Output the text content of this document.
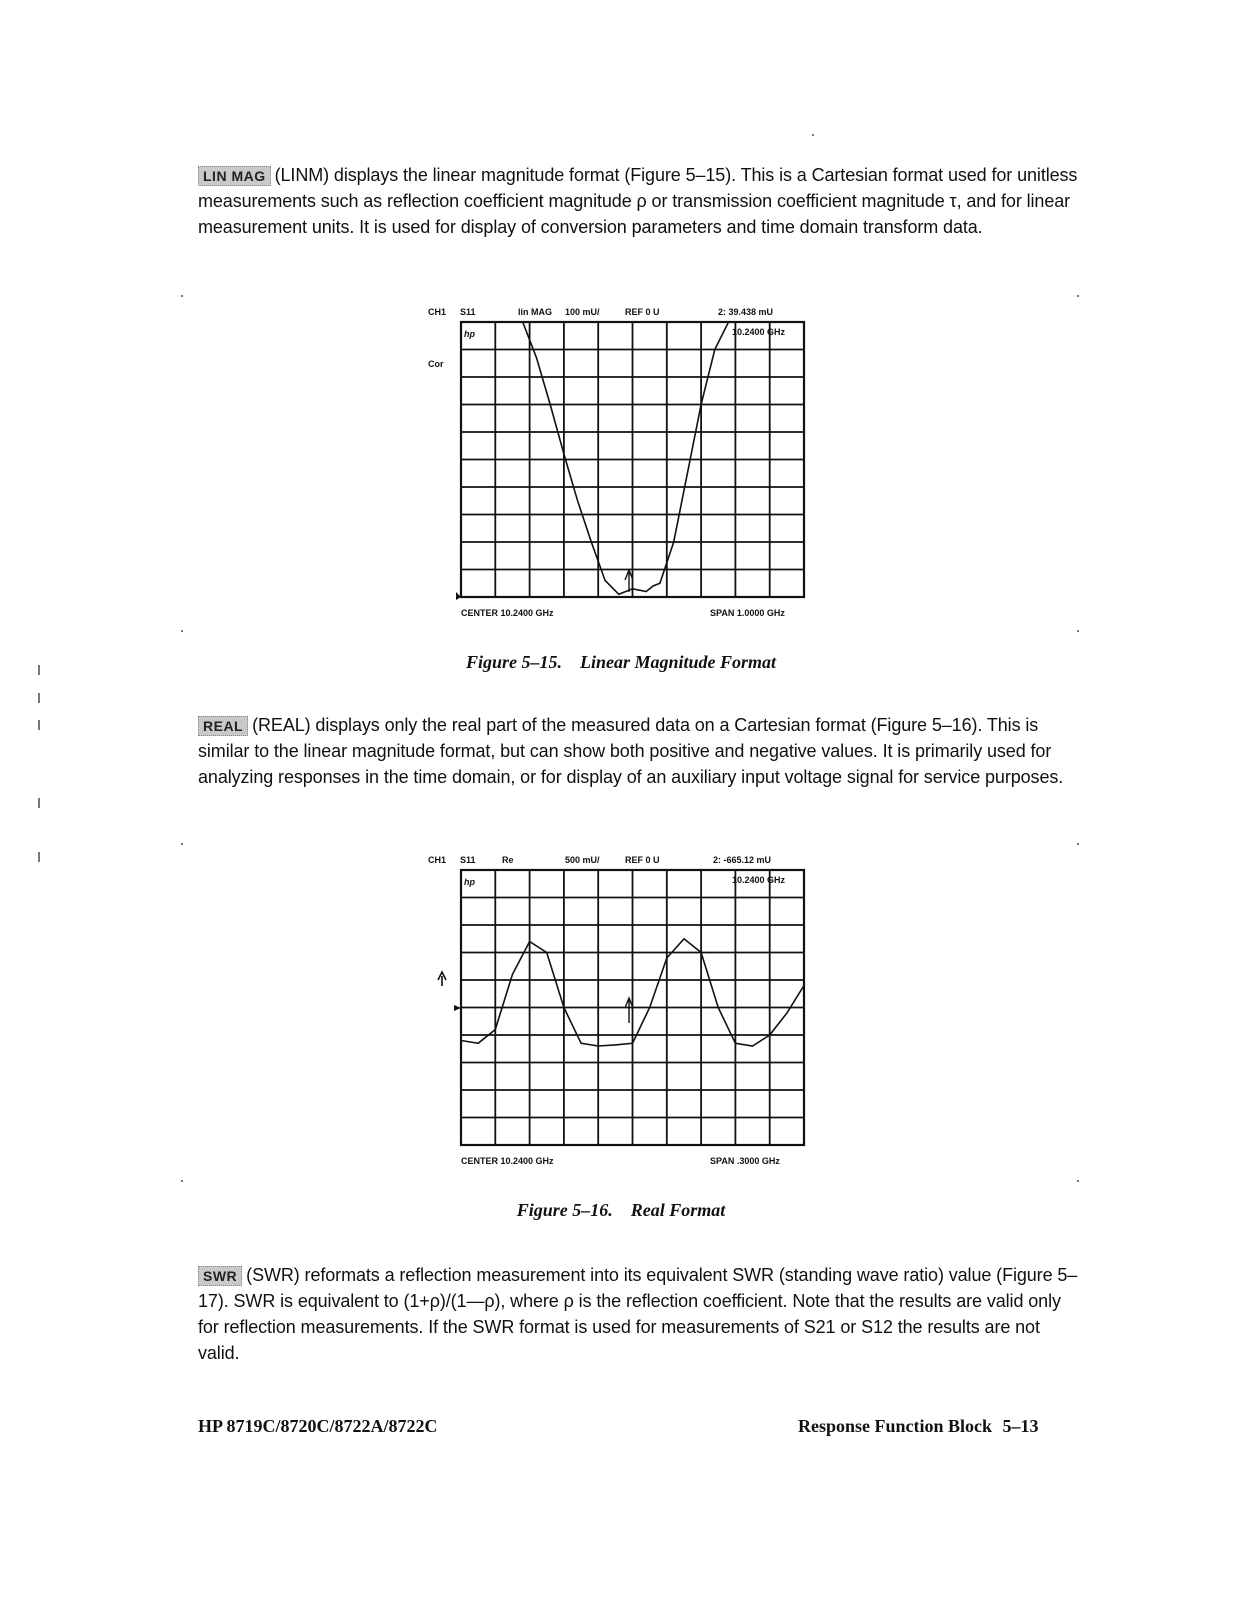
LIN MAG (LINM) displays the linear magnitude format (Figure 5–15). This is a Cartesian format used for unitless measurements such as reflection coefficient magnitude ρ or transmission coefficient magnitude τ, and for linear measurement units. It is used for display of conversion parameters and time domain transform data.
CH1 S11	lin MAG 100 mU/	REF 0 U	2: 39.438 mU
10.2400 GHz
Cor
hp
CENTER 10.2400 GHz	SPAN 1.0000 GHz
Figure 5–15. Linear Magnitude Format
REAL (REAL) displays only the real part of the measured data on a Cartesian format (Figure 5–16). This is similar to the linear magnitude format, but can show both positive and negative values. It is primarily used for analyzing responses in the time domain, or for display of an auxiliary input voltage signal for service purposes.
CH1 S11	Re	500 mU/	REF 0 U	2: -665.12 mU
10.2400 GHz
hp
CENTER 10.2400 GHz	SPAN .3000 GHz
Figure 5–16. Real Format
SWR (SWR) reformats a reflection measurement into its equivalent SWR (standing wave ratio) value (Figure 5–17). SWR is equivalent to (1+ρ)/(1—ρ), where ρ is the reflection coefficient. Note that the results are valid only for reflection measurements. If the SWR format is used for measurements of S21 or S12 the results are not valid.
HP 8719C/8720C/8722A/8722C	Response Function Block 5–13
